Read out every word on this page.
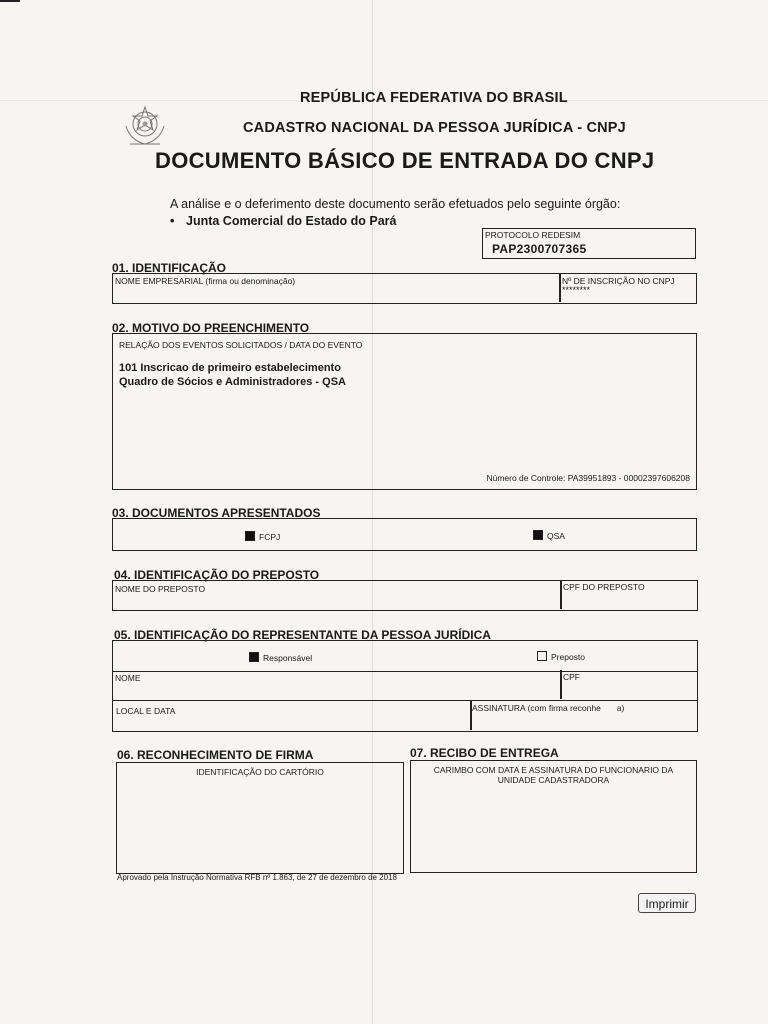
REPÚBLICA FEDERATIVA DO BRASIL
CADASTRO NACIONAL DA PESSOA JURÍDICA - CNPJ
DOCUMENTO BÁSICO DE ENTRADA DO CNPJ
A análise e o deferimento deste documento serão efetuados pelo seguinte órgão:
• Junta Comercial do Estado do Pará
PROTOCOLO REDESIM
PAP2300707365
01. IDENTIFICAÇÃO
NOME EMPRESARIAL (firma ou denominação)	Nº DE INSCRIÇÃO NO CNPJ
********
02. MOTIVO DO PREENCHIMENTO
RELAÇÃO DOS EVENTOS SOLICITADOS / DATA DO EVENTO
101 Inscricao de primeiro estabelecimento
Quadro de Sócios e Administradores - QSA
Número de Controle: PA39951893 - 00002397606208
03. DOCUMENTOS APRESENTADOS
FCPJ	QSA
04. IDENTIFICAÇÃO DO PREPOSTO
NOME DO PREPOSTO	CPF DO PREPOSTO
05. IDENTIFICAÇÃO DO REPRESENTANTE DA PESSOA JURÍDICA
Responsável	Preposto
NOME	CPF
LOCAL E DATA	ASSINATURA (com firma reconhe a)
06. RECONHECIMENTO DE FIRMA
IDENTIFICAÇÃO DO CARTÓRIO
07. RECIBO DE ENTREGA
CARIMBO COM DATA E ASSINATURA DO FUNCIONARIO DA
UNIDADE CADASTRADORA
Aprovado pela Instrução Normativa RFB nº 1.863, de 27 de dezembro de 2018
Imprimir
